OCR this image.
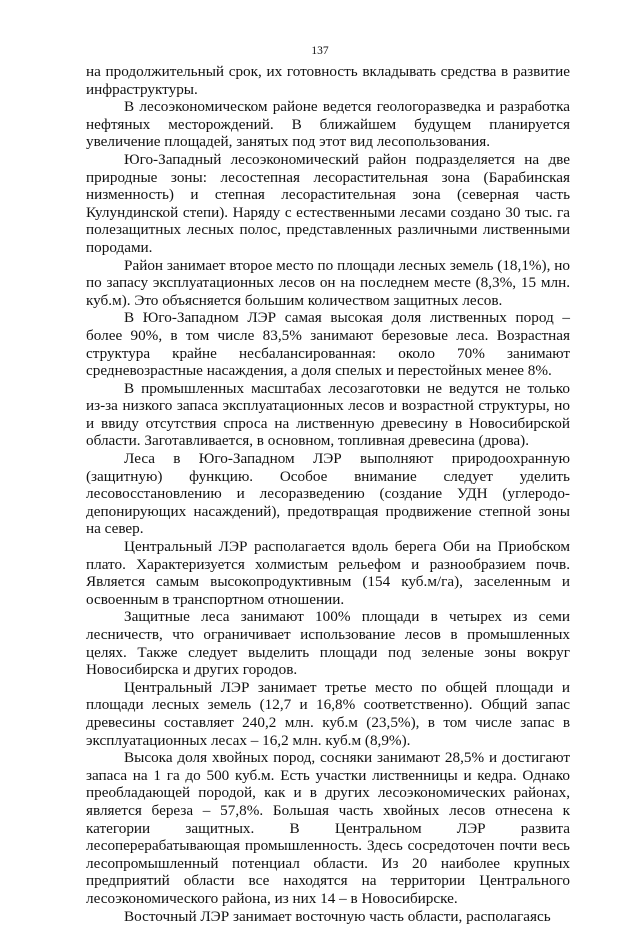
137

на продолжительный срок, их готовность вкладывать средства в развитие инфраструктуры.

В лесоэкономическом районе ведется геологоразведка и разработка нефтяных месторождений. В ближайшем будущем планируется увеличение площадей, занятых под этот вид лесопользования.

Юго-Западный лесоэкономический район подразделяется на две природные зоны: лесостепная лесорастительная зона (Барабинская низменность) и степная лесорастительная зона (северная часть Кулундинской степи). Наряду с естественными лесами создано 30 тыс. га полезащитных лесных полос, представленных различными лиственными породами.

Район занимает второе место по площади лесных земель (18,1%), но по запасу эксплуатационных лесов он на последнем месте (8,3%, 15 млн. куб.м). Это объясняется большим количеством защитных лесов.

В Юго-Западном ЛЭР самая высокая доля лиственных пород – более 90%, в том числе 83,5% занимают березовые леса. Возрастная структура крайне несбалансированная: около 70% занимают средневозрастные насаждения, а доля спелых и перестойных менее 8%.

В промышленных масштабах лесозаготовки не ведутся не только из-за низкого запаса эксплуатационных лесов и возрастной структуры, но и ввиду отсутствия спроса на лиственную древесину в Новосибирской области. Заготавливается, в основном, топливная древесина (дрова).

Леса в Юго-Западном ЛЭР выполняют природоохранную (защитную) функцию. Особое внимание следует уделить лесовосстановлению и лесоразведению (создание УДН (углеродо-депонирующих насаждений), предотвращая продвижение степной зоны на север.

Центральный ЛЭР располагается вдоль берега Оби на Приобском плато. Характеризуется холмистым рельефом и разнообразием почв. Является самым высокопродуктивным (154 куб.м/га), заселенным и освоенным в транспортном отношении.

Защитные леса занимают 100% площади в четырех из семи лесничеств, что ограничивает использование лесов в промышленных целях. Также следует выделить площади под зеленые зоны вокруг Новосибирска и других городов.

Центральный ЛЭР занимает третье место по общей площади и площади лесных земель (12,7 и 16,8% соответственно). Общий запас древесины составляет 240,2 млн. куб.м (23,5%), в том числе запас в эксплуатационных лесах – 16,2 млн. куб.м (8,9%).

Высока доля хвойных пород, сосняки занимают 28,5% и достигают запаса на 1 га до 500 куб.м. Есть участки лиственницы и кедра. Однако преобладающей породой, как и в других лесоэкономических районах, является береза – 57,8%. Большая часть хвойных лесов отнесена к категории защитных. В Центральном ЛЭР развита лесоперерабатывающая промышленность. Здесь сосредоточен почти весь лесопромышленный потенциал области. Из 20 наиболее крупных предприятий области все находятся на территории Центрального лесоэкономического района, из них 14 – в Новосибирске.

Восточный ЛЭР занимает восточную часть области, располагаясь
